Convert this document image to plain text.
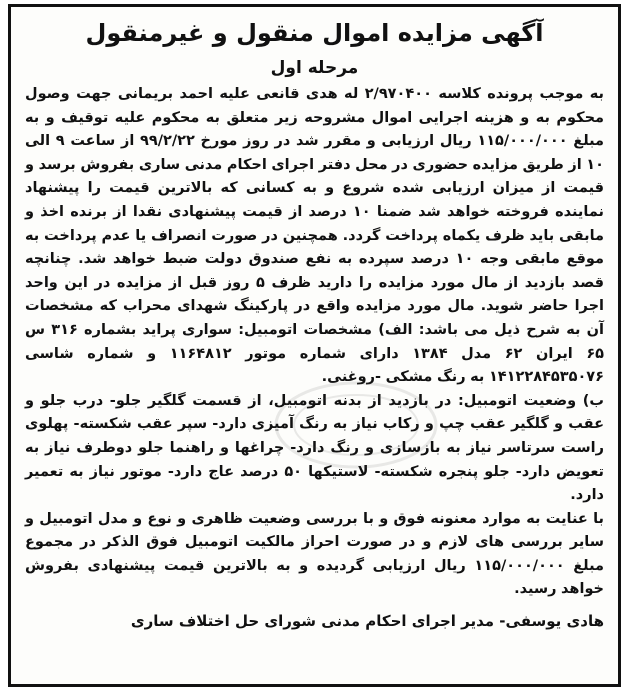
آگهی مزایده اموال منقول و غیرمنقول
مرحله اول

به موجب پرونده کلاسه ۲/۹۷۰۴۰۰ له هدی قانعی علیه احمد بریمانی جهت وصول محکوم به و هزینه اجرایی اموال مشروحه زیر متعلق به محکوم علیه توقیف و به مبلغ ۱۱۵/۰۰۰/۰۰۰ ریال ارزیابی و مقرر شد در روز مورخ ۹۹/۲/۲۲ از ساعت ۹ الی ۱۰ از طریق مزایده حضوری در محل دفتر اجرای احکام مدنی ساری بفروش برسد و قیمت از میزان ارزیابی شده شروع و به کسانی که بالاترین قیمت را پیشنهاد نماینده فروخته خواهد شد ضمنا ۱۰ درصد از قیمت پیشنهادی نقدا از برنده اخذ و مابقی باید ظرف یکماه پرداخت گردد. همچنین در صورت انصراف یا عدم پرداخت به موقع مابقی وجه ۱۰ درصد سپرده به نفع صندوق دولت ضبط خواهد شد. چنانچه قصد بازدید از مال مورد مزایده را دارید ظرف ۵ روز قبل از مزایده در این واحد اجرا حاضر شوید. مال مورد مزایده واقع در پارکینگ شهدای محراب که مشخصات آن به شرح ذیل می باشد: الف) مشخصات اتومبیل: سواری پراید بشماره ۳۱۶ س ۶۵ ایران ۶۲ مدل ۱۳۸۴ دارای شماره موتور ۱۱۶۴۸۱۲ و شماره شاسی ۱۴۱۲۲۸۴۵۳۵۰۷۶ به رنگ مشکی -روغنی.

ب) وضعیت اتومبیل: در بازدید از بدنه اتومبیل، از قسمت گلگیر جلو- درب جلو و عقب و گلگیر عقب چپ و رکاب نیاز به رنگ آمیزی دارد- سپر عقب شکسته- پهلوی راست سرتاسر نیاز به بازسازی و رنگ دارد- چراغها و راهنما جلو دوطرف نیاز به تعویض دارد- جلو پنجره شکسته- لاستیکها ۵۰ درصد عاج دارد- موتور نیاز به تعمیر دارد.

با عنایت به موارد معنونه فوق و با بررسی وضعیت ظاهری و نوع و مدل اتومبیل و سایر بررسی های لازم و در صورت احراز مالکیت اتومبیل فوق الذکر در مجموع مبلغ ۱۱۵/۰۰۰/۰۰۰ ریال ارزیابی گردیده و به بالاترین قیمت پیشنهادی بفروش خواهد رسید.

هادی یوسفی- مدیر اجرای احکام مدنی شورای حل اختلاف ساری
